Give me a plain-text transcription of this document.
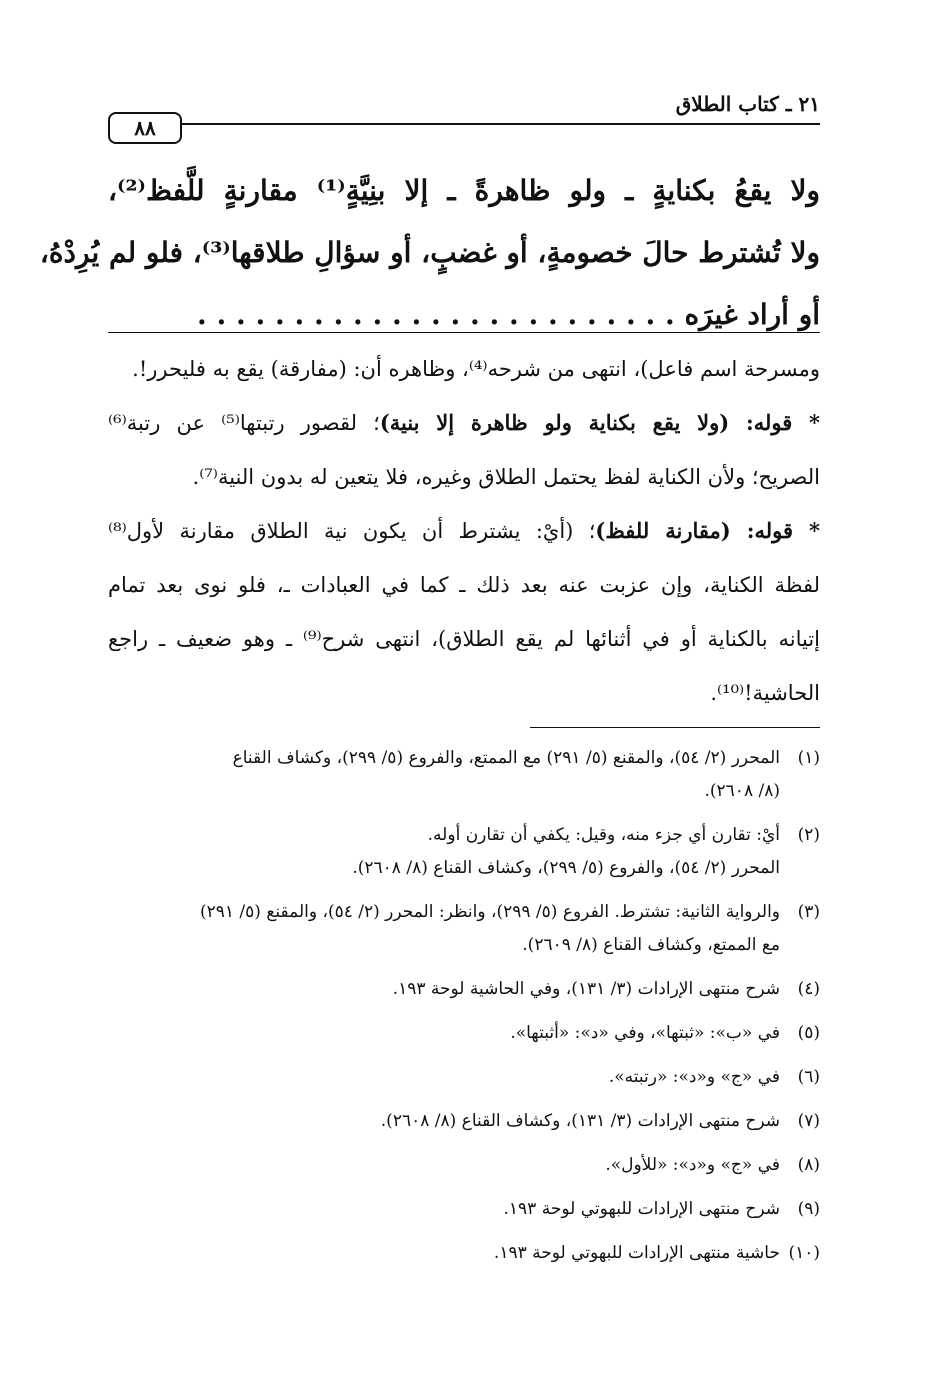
٢١ ـ كتاب الطلاق
٨٨
ولا يقعُ بكنايةٍ ـ ولو ظاهرةً ـ إلا بنِيَّةٍ⁽¹⁾ مقارنةٍ للَّفظ⁽²⁾،
ولا تُشترط حالَ خصومةٍ، أو غضبٍ، أو سؤالِ طلاقها⁽³⁾، فلو لم يُرِدْهُ،
أو أراد غيرَه . . . . . . . . . . . . . . . . . . . . . . . . .
ومسرحة اسم فاعل)، انتهى من شرحه⁽⁴⁾، وظاهره أن: (مفارقة) يقع به فليحرر!.
* قوله: (ولا يقع بكناية ولو ظاهرة إلا بنية)؛ لقصور رتبتها⁽⁵⁾ عن رتبة⁽⁶⁾
الصريح؛ ولأن الكناية لفظ يحتمل الطلاق وغيره، فلا يتعين له بدون النية⁽⁷⁾.
* قوله: (مقارنة للفظ)؛ (أيْ: يشترط أن يكون نية الطلاق مقارنة لأول⁽⁸⁾
لفظة الكناية، وإن عزبت عنه بعد ذلك ـ كما في العبادات ـ، فلو نوى بعد تمام
إتيانه بالكناية أو في أثنائها لم يقع الطلاق)، انتهى شرح⁽⁹⁾ ـ وهو ضعيف ـ راجع
الحاشية!⁽¹⁰⁾.
(١)
المحرر (٢/ ٥٤)، والمقنع (٥/ ٢٩١) مع الممتع، والفروع (٥/ ٢٩٩)، وكشاف القناع
(٨/ ٢٦٠٨).
(٢)
أيْ: تقارن أي جزء منه، وقيل: يكفي أن تقارن أوله.
المحرر (٢/ ٥٤)، والفروع (٥/ ٢٩٩)، وكشاف القناع (٨/ ٢٦٠٨).
(٣)
والرواية الثانية: تشترط. الفروع (٥/ ٢٩٩)، وانظر: المحرر (٢/ ٥٤)، والمقنع (٥/ ٢٩١)
مع الممتع، وكشاف القناع (٨/ ٢٦٠٩).
(٤)
شرح منتهى الإرادات (٣/ ١٣١)، وفي الحاشية لوحة ١٩٣.
(٥)
في «ب»: «ثبتها»، وفي «د»: «أثبتها».
(٦)
في «ج» و«د»: «رتبته».
(٧)
شرح منتهى الإرادات (٣/ ١٣١)، وكشاف القناع (٨/ ٢٦٠٨).
(٨)
في «ج» و«د»: «للأول».
(٩)
شرح منتهى الإرادات للبهوتي لوحة ١٩٣.
(١٠)
حاشية منتهى الإرادات للبهوتي لوحة ١٩٣.
